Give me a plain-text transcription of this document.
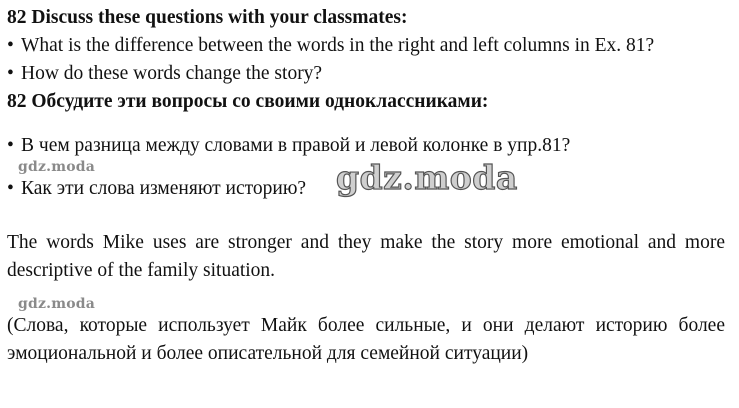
82 Discuss these questions with your classmates:
• What is the difference between the words in the right and left columns in Ex. 81?
• How do these words change the story?
82 Обсудите эти вопросы со своими одноклассниками:
• В чем разница между словами в правой и левой колонке в упр.81?
gdz.moda
• Как эти слова изменяют историю? gdz.moda
The words Mike uses are stronger and they make the story more emotional and more descriptive of the family situation.
gdz.moda
(Слова, которые использует Майк более сильные, и они делают историю более эмоциональной и более описательной для семейной ситуации)
